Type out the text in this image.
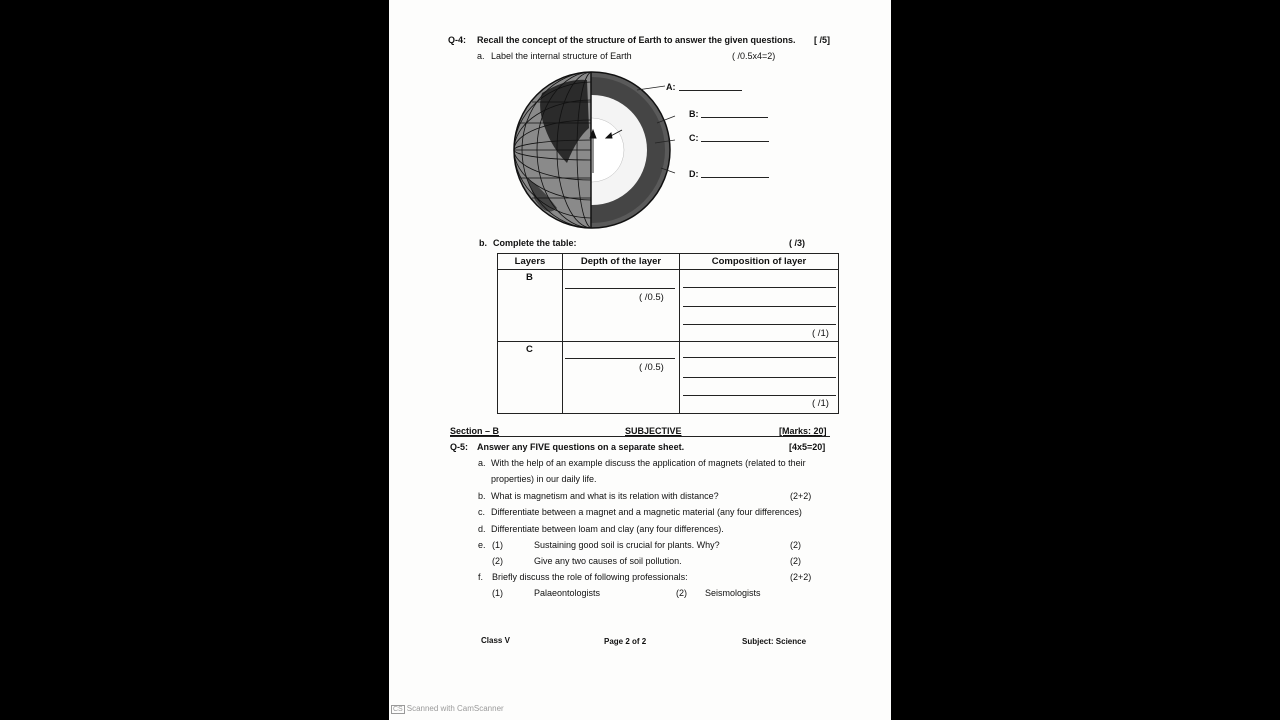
Q-4: Recall the concept of the structure of Earth to answer the given questions. [ /5]
a. Label the internal structure of Earth	( /0.5x4=2)
A:
B:
C:
D:
b. Complete the table:	( /3)
Layers	Depth of the layer	Composition of layer

B	( /0.5)	( /1)

C	( /0.5)	( /1)
Section – B	SUBJECTIVE	[Marks: 20]
Q-5: Answer any FIVE questions on a separate sheet.	[4x5=20]
a. With the help of an example discuss the application of magnets (related to their
properties) in our daily life.
b. What is magnetism and what is its relation with distance?	(2+2)
c. Differentiate between a magnet and a magnetic material (any four differences)
d. Differentiate between loam and clay (any four differences).
e. (1)	Sustaining good soil is crucial for plants. Why?	(2)
(2)	Give any two causes of soil pollution.	(2)
f. Briefly discuss the role of following professionals:	(2+2)
(1)	Palaeontologists	(2) Seismologists
Class V	Page 2 of 2	Subject: Science
CS Scanned with CamScanner
